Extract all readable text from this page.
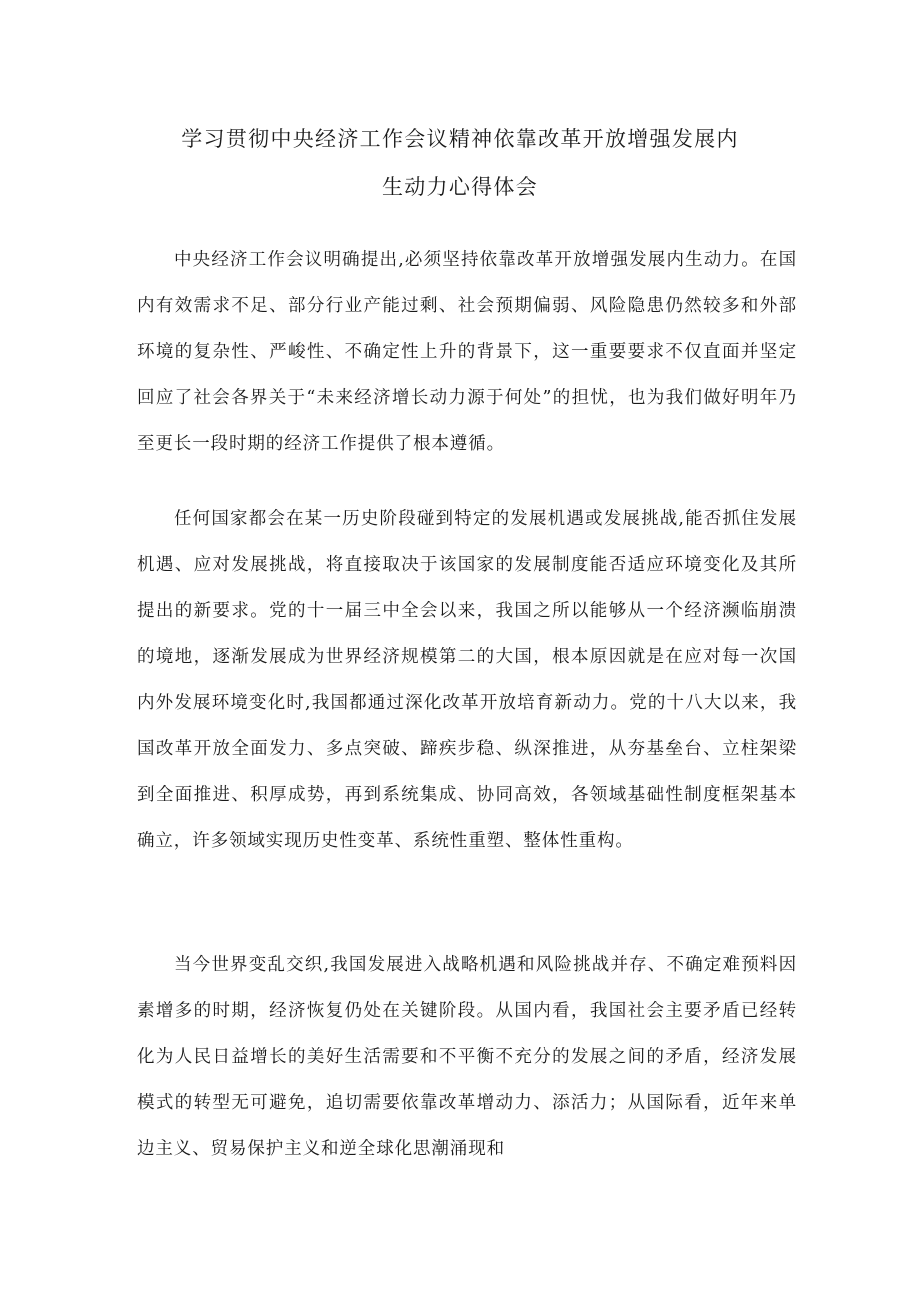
学习贯彻中央经济工作会议精神依靠改革开放增强发展内
生动力心得体会

中央经济工作会议明确提出,必须坚持依靠改革开放增强发展内生动力。在国内有效需求不足、部分行业产能过剩、社会预期偏弱、风险隐患仍然较多和外部环境的复杂性、严峻性、不确定性上升的背景下，这一重要要求不仅直面并坚定回应了社会各界关于“未来经济增长动力源于何处”的担忧，也为我们做好明年乃至更长一段时期的经济工作提供了根本遵循。

任何国家都会在某一历史阶段碰到特定的发展机遇或发展挑战,能否抓住发展机遇、应对发展挑战，将直接取决于该国家的发展制度能否适应环境变化及其所提出的新要求。党的十一届三中全会以来，我国之所以能够从一个经济濒临崩溃的境地，逐渐发展成为世界经济规模第二的大国，根本原因就是在应对每一次国内外发展环境变化时,我国都通过深化改革开放培育新动力。党的十八大以来，我国改革开放全面发力、多点突破、蹄疾步稳、纵深推进，从夯基垒台、立柱架梁到全面推进、积厚成势，再到系统集成、协同高效，各领域基础性制度框架基本确立，许多领域实现历史性变革、系统性重塑、整体性重构。

当今世界变乱交织,我国发展进入战略机遇和风险挑战并存、不确定难预料因素增多的时期，经济恢复仍处在关键阶段。从国内看，我国社会主要矛盾已经转化为人民日益增长的美好生活需要和不平衡不充分的发展之间的矛盾，经济发展模式的转型无可避免，追切需要依靠改革增动力、添活力；从国际看，近年来单边主义、贸易保护主义和逆全球化思潮涌现和
